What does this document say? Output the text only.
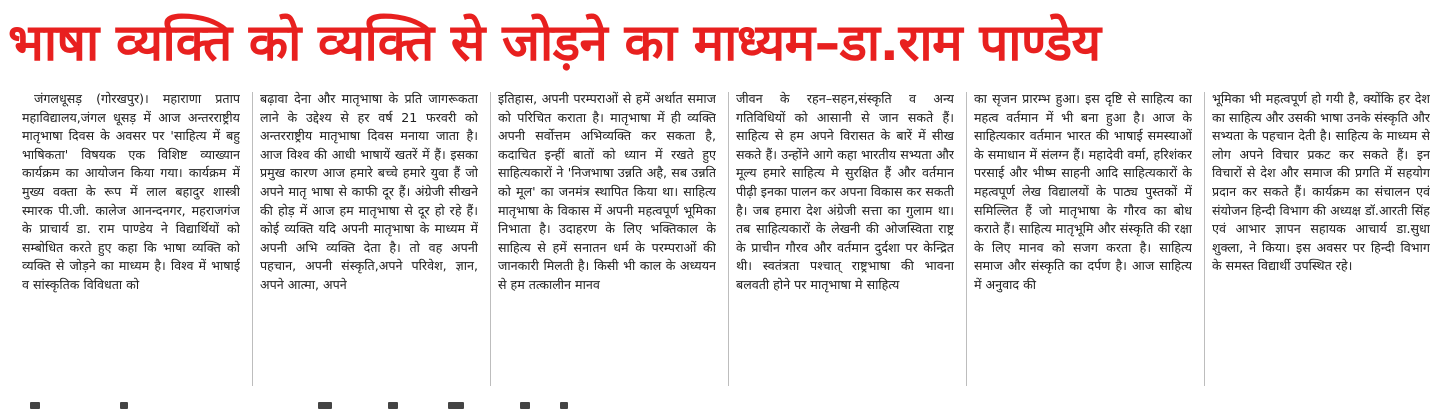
भाषा व्यक्ति को व्यक्ति से जोड़ने का माध्यम–डा.राम पाण्डेय

जंगलधूसड़ (गोरखपुर)। महाराणा प्रताप महाविद्यालय,जंगल धूसड़ में आज अन्तरराष्ट्रीय मातृभाषा दिवस के अवसर पर 'साहित्य में बहु भाषिकता' विषयक एक विशिष्ट व्याख्यान कार्यक्रम का आयोजन किया गया। कार्यक्रम में मुख्य वक्ता के रूप में लाल बहादुर शास्त्री स्मारक पी.जी. कालेज आनन्दनगर, महराजगंज के प्राचार्य डा. राम पाण्डेय ने विद्यार्थियों को सम्बोधित करते हुए कहा कि भाषा व्यक्ति को व्यक्ति से जोड़ने का माध्यम है। विश्व में भाषाई व सांस्कृतिक विविधता को

बढ़ावा देना और मातृभाषा के प्रति जागरूकता लाने के उद्देश्य से हर वर्ष 21 फरवरी को अन्तरराष्ट्रीय मातृभाषा दिवस मनाया जाता है। आज विश्व की आधी भाषायें खतरें में हैं। इसका प्रमुख कारण आज हमारे बच्चे हमारे युवा हैं जो अपने मातृ भाषा से काफी दूर हैं। अंग्रेजी सीखने की होड़ में आज हम मातृभाषा से दूर हो रहे हैं। कोई व्यक्ति यदि अपनी मातृभाषा के माध्यम में अपनी अभि व्यक्ति देता है। तो वह अपनी पहचान, अपनी संस्कृति,अपने परिवेश, ज्ञान, अपने आत्मा, अपने

इतिहास, अपनी परम्पराओं से हमें अर्थात समाज को परिचित कराता है। मातृभाषा में ही व्यक्ति अपनी सर्वोत्तम अभिव्यक्ति कर सकता है, कदाचित इन्हीं बातों को ध्यान में रखते हुए साहित्यकारों ने 'निजभाषा उन्नति अहै, सब उन्नति को मूल' का जनमंत्र स्थापित किया था। साहित्य मातृभाषा के विकास में अपनी महत्वपूर्ण भूमिका निभाता है। उदाहरण के लिए भक्तिकाल के साहित्य से हमें सनातन धर्म के परम्पराओं की जानकारी मिलती है। किसी भी काल के अध्ययन से हम तत्कालीन मानव

जीवन के रहन–सहन,संस्कृति व अन्य गतिविधियों को आसानी से जान सकते हैं। साहित्य से हम अपने विरासत के बारें में सीख सकते हैं। उन्होंने आगे कहा भारतीय सभ्यता और मूल्य हमारे साहित्य मे सुरक्षित हैं और वर्तमान पीढ़ी इनका पालन कर अपना विकास कर सकती है। जब हमारा देश अंग्रेजी सत्ता का गुलाम था। तब साहित्यकारों के लेखनी की ओजस्विता राष्ट्र के प्राचीन गौरव और वर्तमान दुर्दशा पर केन्द्रित थी। स्वतंत्रता पश्चात् राष्ट्रभाषा की भावना बलवती होने पर मातृभाषा मे साहित्य

का सृजन प्रारम्भ हुआ। इस दृष्टि से साहित्य का महत्व वर्तमान में भी बना हुआ है। आज के साहित्यकार वर्तमान भारत की भाषाई समस्याओं के समाधान में संलग्न हैं। महादेवी वर्मा, हरिशंकर परसाई और भीष्म साहनी आदि साहित्यकारों के महत्वपूर्ण लेख विद्यालयों के पाठ्य पुस्तकों में समिल्लित हैं जो मातृभाषा के गौरव का बोध कराते हैं। साहित्य मातृभूमि और संस्कृति की रक्षा के लिए मानव को सजग करता है। साहित्य समाज और संस्कृति का दर्पण है। आज साहित्य में अनुवाद की

भूमिका भी महत्वपूर्ण हो गयी है, क्योंकि हर देश का साहित्य और उसकी भाषा उनके संस्कृति और सभ्यता के पहचान देती है। साहित्य के माध्यम से लोग अपने विचार प्रकट कर सकते हैं। इन विचारों से देश और समाज की प्रगति में सहयोग प्रदान कर सकते हैं। कार्यक्रम का संचालन एवं संयोजन हिन्दी विभाग की अध्यक्ष डॉ.आरती सिंह एवं आभार ज्ञापन सहायक आचार्य डा.सुधा शुक्ला, ने किया। इस अवसर पर हिन्दी विभाग के समस्त विद्यार्थी उपस्थित रहे।
